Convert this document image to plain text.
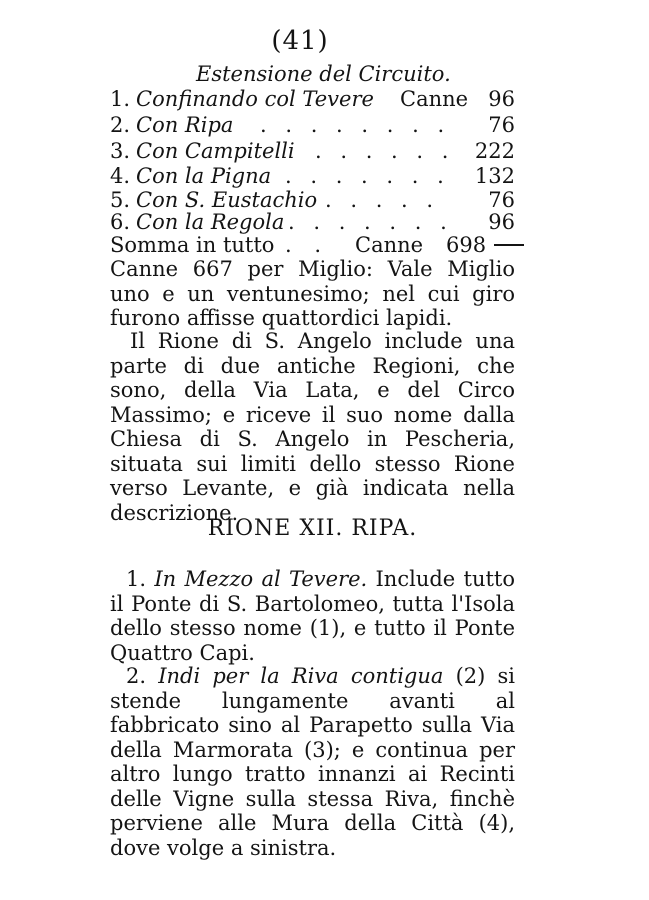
(41)
Estensione del Circuito.
1. Confinando col Tevere Canne 96
2. Con Ripa . . . . . . . . 76
3. Con Campitelli . . . . . . 222
4. Con la Pigna . . . . . . . 132
5. Con S. Eustachio . . . . . 76
6. Con la Regola . . . . . . . 96
Somma in tutto . . Canne 698
Canne 667 per Miglio: Vale Miglio uno e un ventunesimo; nel cui giro furono affisse quattordici lapidi.
Il Rione di S. Angelo include una parte di due antiche Regioni, che sono, della Via Lata, e del Circo Massimo; e riceve il suo nome dalla Chiesa di S. Angelo in Pescheria, situata sui limiti dello stesso Rione verso Levante, e già indicata nella descrizione.
RIONE XII. RIPA.
1. In Mezzo al Tevere. Include tutto il Ponte di S. Bartolomeo, tutta l'Isola dello stesso nome (1), e tutto il Ponte Quattro Capi.
2. Indi per la Riva contigua (2) si stende lungamente avanti al fabbricato sino al Parapetto sulla Via della Marmorata (3); e continua per altro lungo tratto innanzi ai Recinti delle Vigne sulla stessa Riva, finchè perviene alle Mura della Città (4), dove volge a sinistra.
